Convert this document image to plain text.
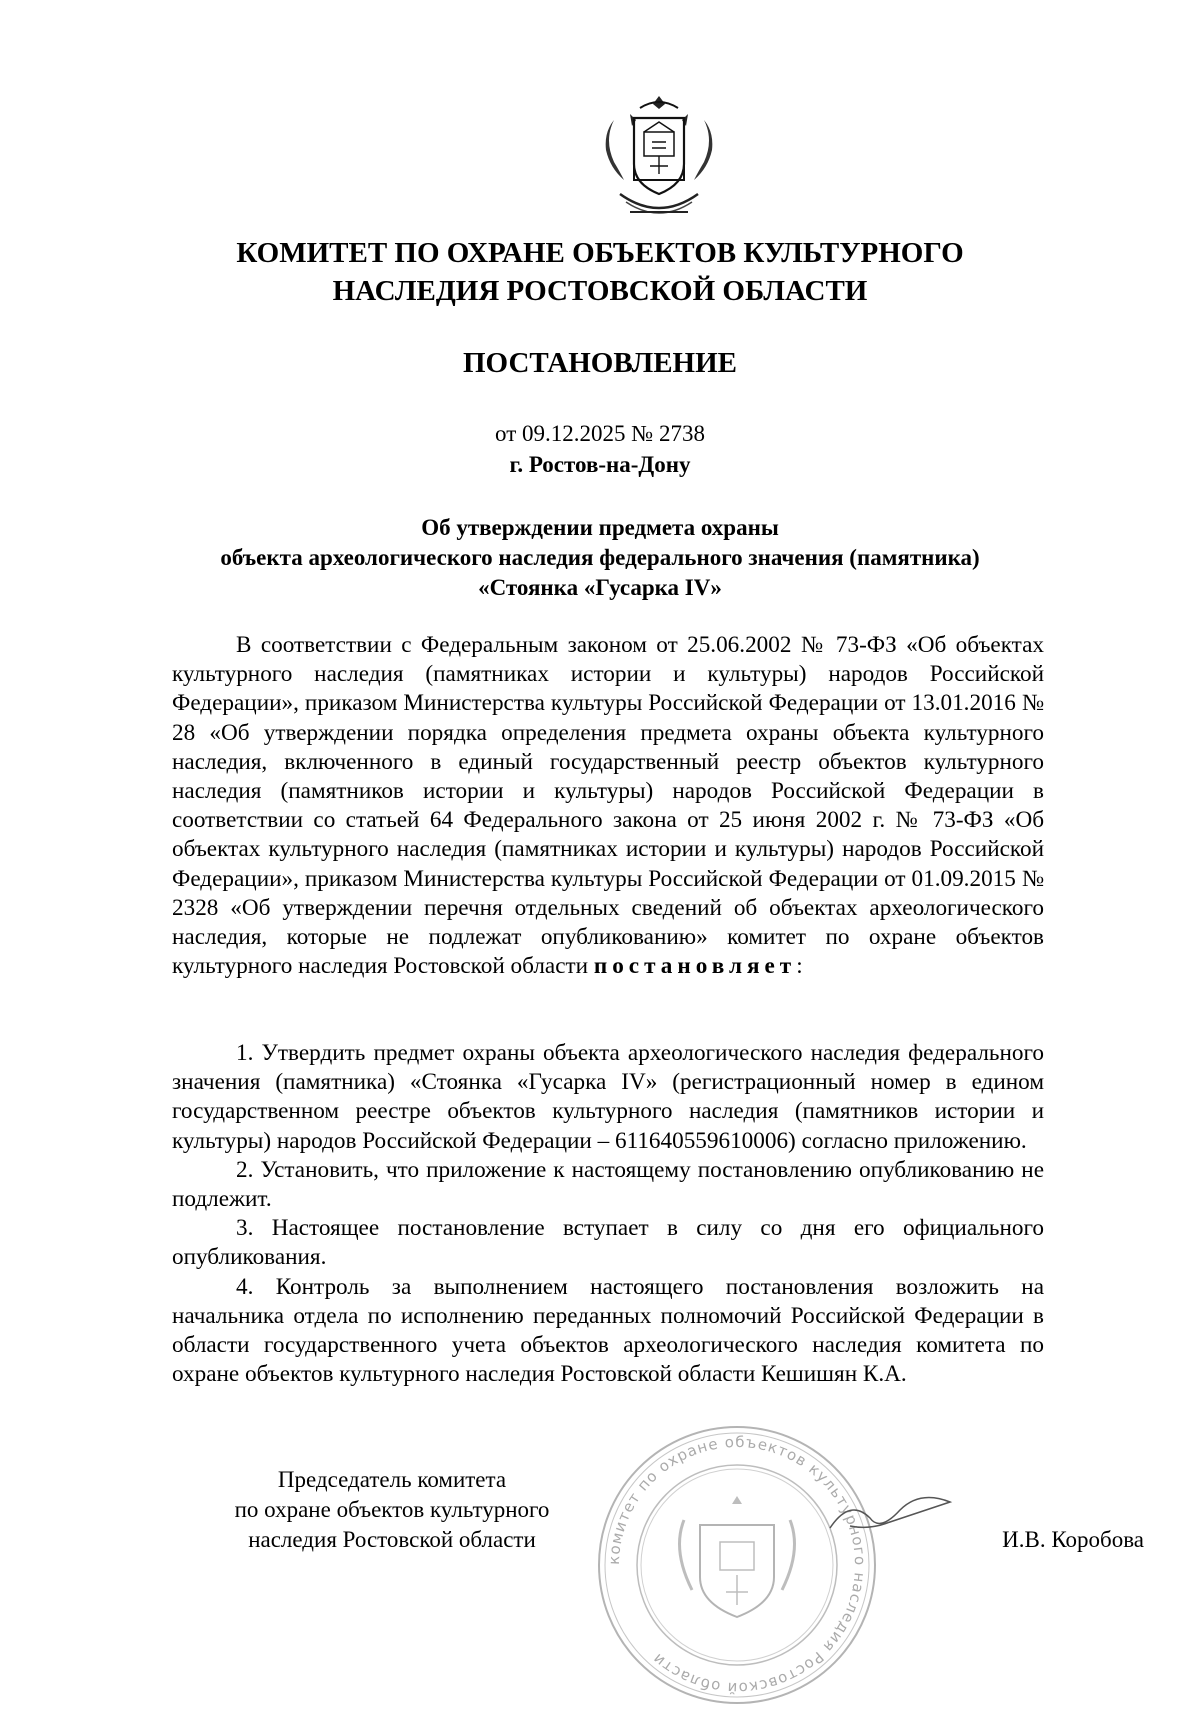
КОМИТЕТ ПО ОХРАНЕ ОБЪЕКТОВ КУЛЬТУРНОГО
НАСЛЕДИЯ РОСТОВСКОЙ ОБЛАСТИ
ПОСТАНОВЛЕНИЕ
от 09.12.2025 № 2738
г. Ростов-на-Дону
Об утверждении предмета охраны
объекта археологического наследия федерального значения (памятника)
«Стоянка «Гусарка IV»

В соответствии с Федеральным законом от 25.06.2002 № 73-ФЗ «Об объектах культурного наследия (памятниках истории и культуры) народов Российской Федерации», приказом Министерства культуры Российской Федерации от 13.01.2016 № 28 «Об утверждении порядка определения предмета охраны объекта культурного наследия, включенного в единый государственный реестр объектов культурного наследия (памятников истории и культуры) народов Российской Федерации в соответствии со статьей 64 Федерального закона от 25 июня 2002 г. № 73-ФЗ «Об объектах культурного наследия (памятниках истории и культуры) народов Российской Федерации», приказом Министерства культуры Российской Федерации от 01.09.2015 № 2328 «Об утверждении перечня отдельных сведений об объектах археологического наследия, которые не подлежат опубликованию» комитет по охране объектов культурного наследия Ростовской области постановляет:

1. Утвердить предмет охраны объекта археологического наследия федерального значения (памятника) «Стоянка «Гусарка IV» (регистрационный номер в едином государственном реестре объектов культурного наследия (памятников истории и культуры) народов Российской Федерации – 611640559610006) согласно приложению.

2. Установить, что приложение к настоящему постановлению опубликованию не подлежит.

3. Настоящее постановление вступает в силу со дня его официального опубликования.

4. Контроль за выполнением настоящего постановления возложить на начальника отдела по исполнению переданных полномочий Российской Федерации в области государственного учета объектов археологического наследия комитета по охране объектов культурного наследия Ростовской области Кешишян К.А.

Председатель комитета
по охране объектов культурного
наследия Ростовской области
комитет по охране объектов культурного наследия Ростовской области
И.В. Коробова
